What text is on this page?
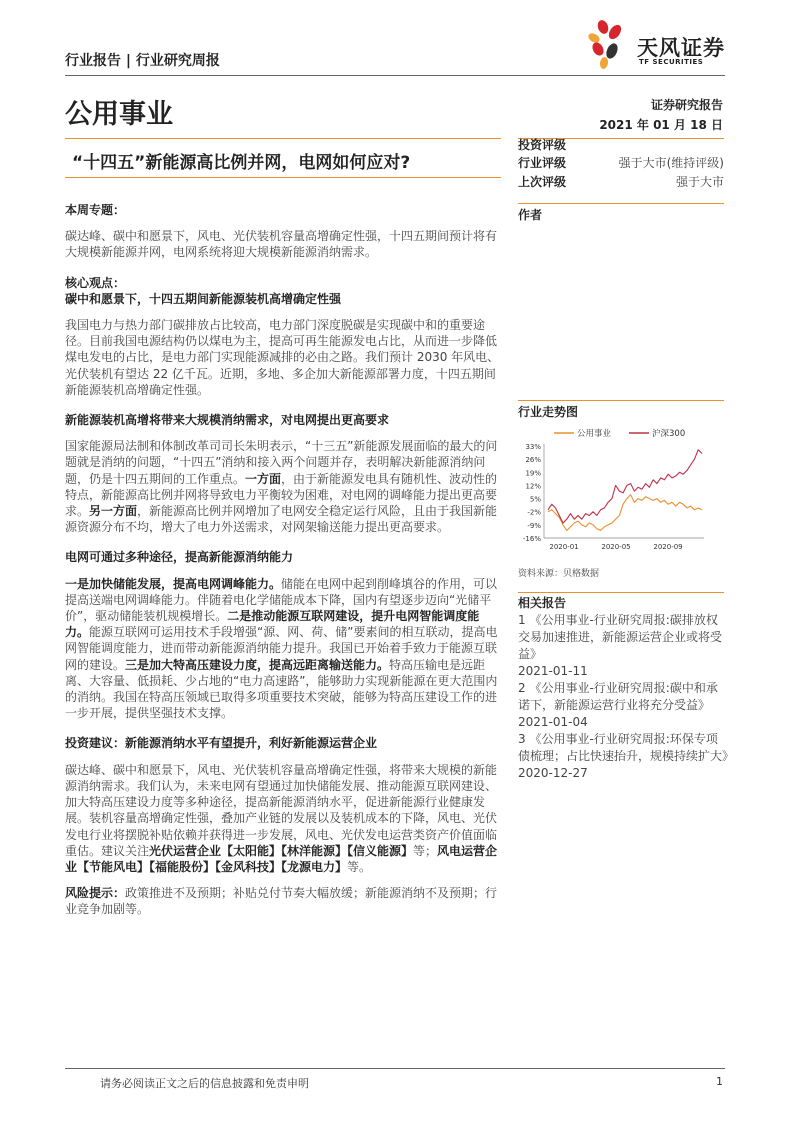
行业报告 | 行业研究周报
天风证券
TF SECURITIES
公用事业	证券研究报告
2021 年 01 月 18 日
“十四五”新能源高比例并网，电网如何应对?

本周专题：

碳达峰、碳中和愿景下，风电、光伏装机容量高增确定性强，十四五期间预计将有大规模新能源并网，电网系统将迎大规模新能源消纳需求。

核心观点：

碳中和愿景下，十四五期间新能源装机高增确定性强

我国电力与热力部门碳排放占比较高，电力部门深度脱碳是实现碳中和的重要途径。目前我国电源结构仍以煤电为主，提高可再生能源发电占比，从而进一步降低煤电发电的占比，是电力部门实现能源减排的必由之路。我们预计 2030 年风电、光伏装机有望达 22 亿千瓦。近期，多地、多企加大新能源部署力度，十四五期间新能源装机高增确定性强。

新能源装机高增将带来大规模消纳需求，对电网提出更高要求

国家能源局法制和体制改革司司长朱明表示，“十三五”新能源发展面临的最大的问题就是消纳的问题，“十四五”消纳和接入两个问题并存，表明解决新能源消纳问题，仍是十四五期间的工作重点。一方面，由于新能源发电具有随机性、波动性的特点，新能源高比例并网将导致电力平衡较为困难，对电网的调峰能力提出更高要求。另一方面，新能源高比例并网增加了电网安全稳定运行风险，且由于我国新能源资源分布不均，增大了电力外送需求，对网架输送能力提出更高要求。

电网可通过多种途径，提高新能源消纳能力

一是加快储能发展，提高电网调峰能力。储能在电网中起到削峰填谷的作用，可以提高送端电网调峰能力。伴随着电化学储能成本下降，国内有望逐步迈向“光储平价”，驱动储能装机规模增长。二是推动能源互联网建设，提升电网智能调度能力。能源互联网可运用技术手段增强“源、网、荷、储”要素间的相互联动，提高电网智能调度能力，进而带动新能源消纳能力提升。我国已开始着手致力于能源互联网的建设。三是加大特高压建设力度，提高远距离输送能力。特高压输电是远距离、大容量、低损耗、少占地的“电力高速路”，能够助力实现新能源在更大范围内的消纳。我国在特高压领域已取得多项重要技术突破，能够为特高压建设工作的进一步开展，提供坚强技术支撑。

投资建议：新能源消纳水平有望提升，利好新能源运营企业

碳达峰、碳中和愿景下，风电、光伏装机容量高增确定性强，将带来大规模的新能源消纳需求。我们认为，未来电网有望通过加快储能发展、推动能源互联网建设、加大特高压建设力度等多种途径，提高新能源消纳水平，促进新能源行业健康发展。装机容量高增确定性强，叠加产业链的发展以及装机成本的下降，风电、光伏发电行业将摆脱补贴依赖并获得进一步发展，风电、光伏发电运营类资产价值面临重估。建议关注光伏运营企业【太阳能】【林洋能源】【信义能源】等；风电运营企业【节能风电】【福能股份】【金风科技】【龙源电力】等。

风险提示：政策推进不及预期；补贴兑付节奏大幅放缓；新能源消纳不及预期；行业竞争加剧等。

投资评级
行业评级	强于大市(维持评级)
上次评级	强于大市
作者
行业走势图
公用事业	沪深300
33%
26%
19%
12%
5%
-2%
-9%
-16%
2020-01	2020-05	2020-09
资料来源：贝格数据
相关报告

1 《公用事业-行业研究周报:碳排放权交易加速推进，新能源运营企业或将受益》

2021-01-11

2 《公用事业-行业研究周报:碳中和承诺下，新能源运营行业将充分受益》

2021-01-04

3 《公用事业-行业研究周报:环保专项债梳理；占比快速抬升，规模持续扩大》

2020-12-27

请务必阅读正文之后的信息披露和免责申明	1
